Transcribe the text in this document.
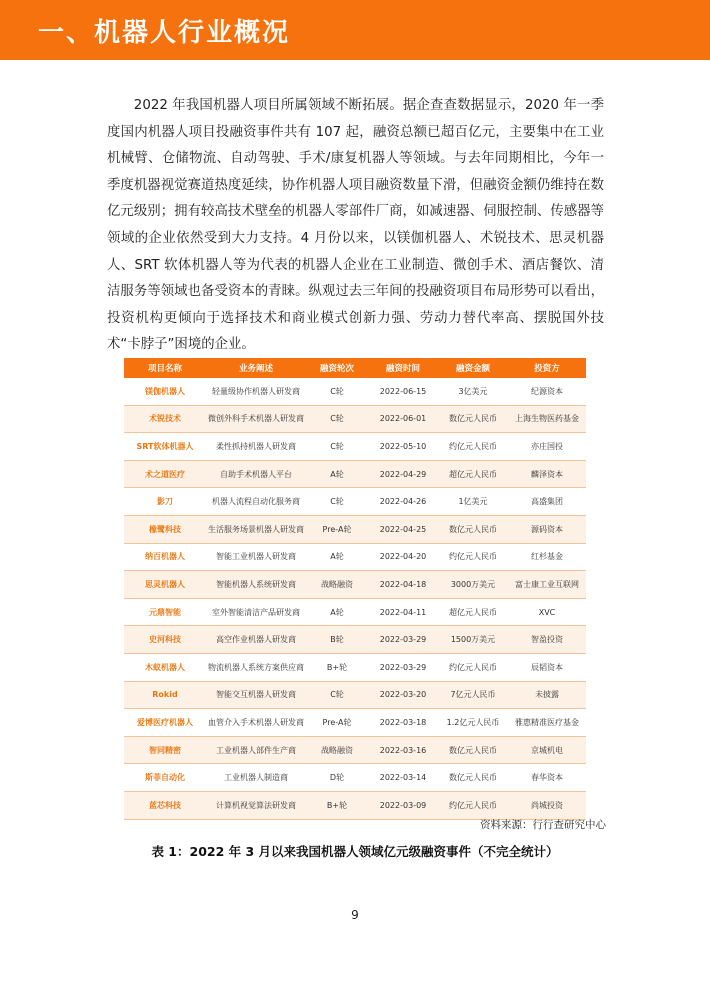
一、机器人行业概况

2022 年我国机器人项目所属领域不断拓展。据企查查数据显示，2020 年一季度国内机器人项目投融资事件共有 107 起，融资总额已超百亿元，主要集中在工业机械臂、仓储物流、自动驾驶、手术/康复机器人等领域。与去年同期相比，今年一季度机器视觉赛道热度延续，协作机器人项目融资数量下滑，但融资金额仍维持在数亿元级别；拥有较高技术壁垒的机器人零部件厂商，如减速器、伺服控制、传感器等领域的企业依然受到大力支持。4 月份以来，以镁伽机器人、术锐技术、思灵机器人、SRT 软体机器人等为代表的机器人企业在工业制造、微创手术、酒店餐饮、清洁服务等领域也备受资本的青睐。纵观过去三年间的投融资项目布局形势可以看出，投资机构更倾向于选择技术和商业模式创新力强、劳动力替代率高、摆脱国外技术“卡脖子”困境的企业。

项目名称	业务阐述	融资轮次	融资时间	融资金额	投资方
镁伽机器人	轻量级协作机器人研发商	C轮	2022-06-15	3亿美元	纪源资本
术锐技术	微创外科手术机器人研发商	C轮	2022-06-01	数亿元人民币	上海生物医药基金
SRT软体机器人	柔性抓持机器人研发商	C轮	2022-05-10	约亿元人民币	亦庄国投
术之道医疗	自助手术机器人平台	A轮	2022-04-29	超亿元人民币	麟泽资本
影刀	机器人流程自动化服务商	C轮	2022-04-26	1亿美元	高盛集团
橡鹭科技	生活服务场景机器人研发商	Pre-A轮	2022-04-25	数亿元人民币	源码资本
纳百机器人	智能工业机器人研发商	A轮	2022-04-20	约亿元人民币	红杉基金
思灵机器人	智能机器人系统研发商	战略融资	2022-04-18	3000万美元	富士康工业互联网
元鼎智能	室外智能清洁产品研发商	A轮	2022-04-11	超亿元人民币	XVC
史河科技	高空作业机器人研发商	B轮	2022-03-29	1500万美元	智盈投资
木蚁机器人	物流机器人系统方案供应商	B+轮	2022-03-29	约亿元人民币	辰韬资本
Rokid	智能交互机器人研发商	C轮	2022-03-20	7亿元人民币	未披露
爱博医疗机器人	血管介入手术机器人研发商	Pre-A轮	2022-03-18	1.2亿元人民币	雅惠精准医疗基金
智同精密	工业机器人部件生产商	战略融资	2022-03-16	数亿元人民币	京城机电
斯菲自动化	工业机器人制造商	D轮	2022-03-14	数亿元人民币	春华资本
蓝芯科技	计算机视觉算法研发商	B+轮	2022-03-09	约亿元人民币	尚城投资
资料来源：行行查研究中心
表 1：2022 年 3 月以来我国机器人领域亿元级融资事件（不完全统计）
9
